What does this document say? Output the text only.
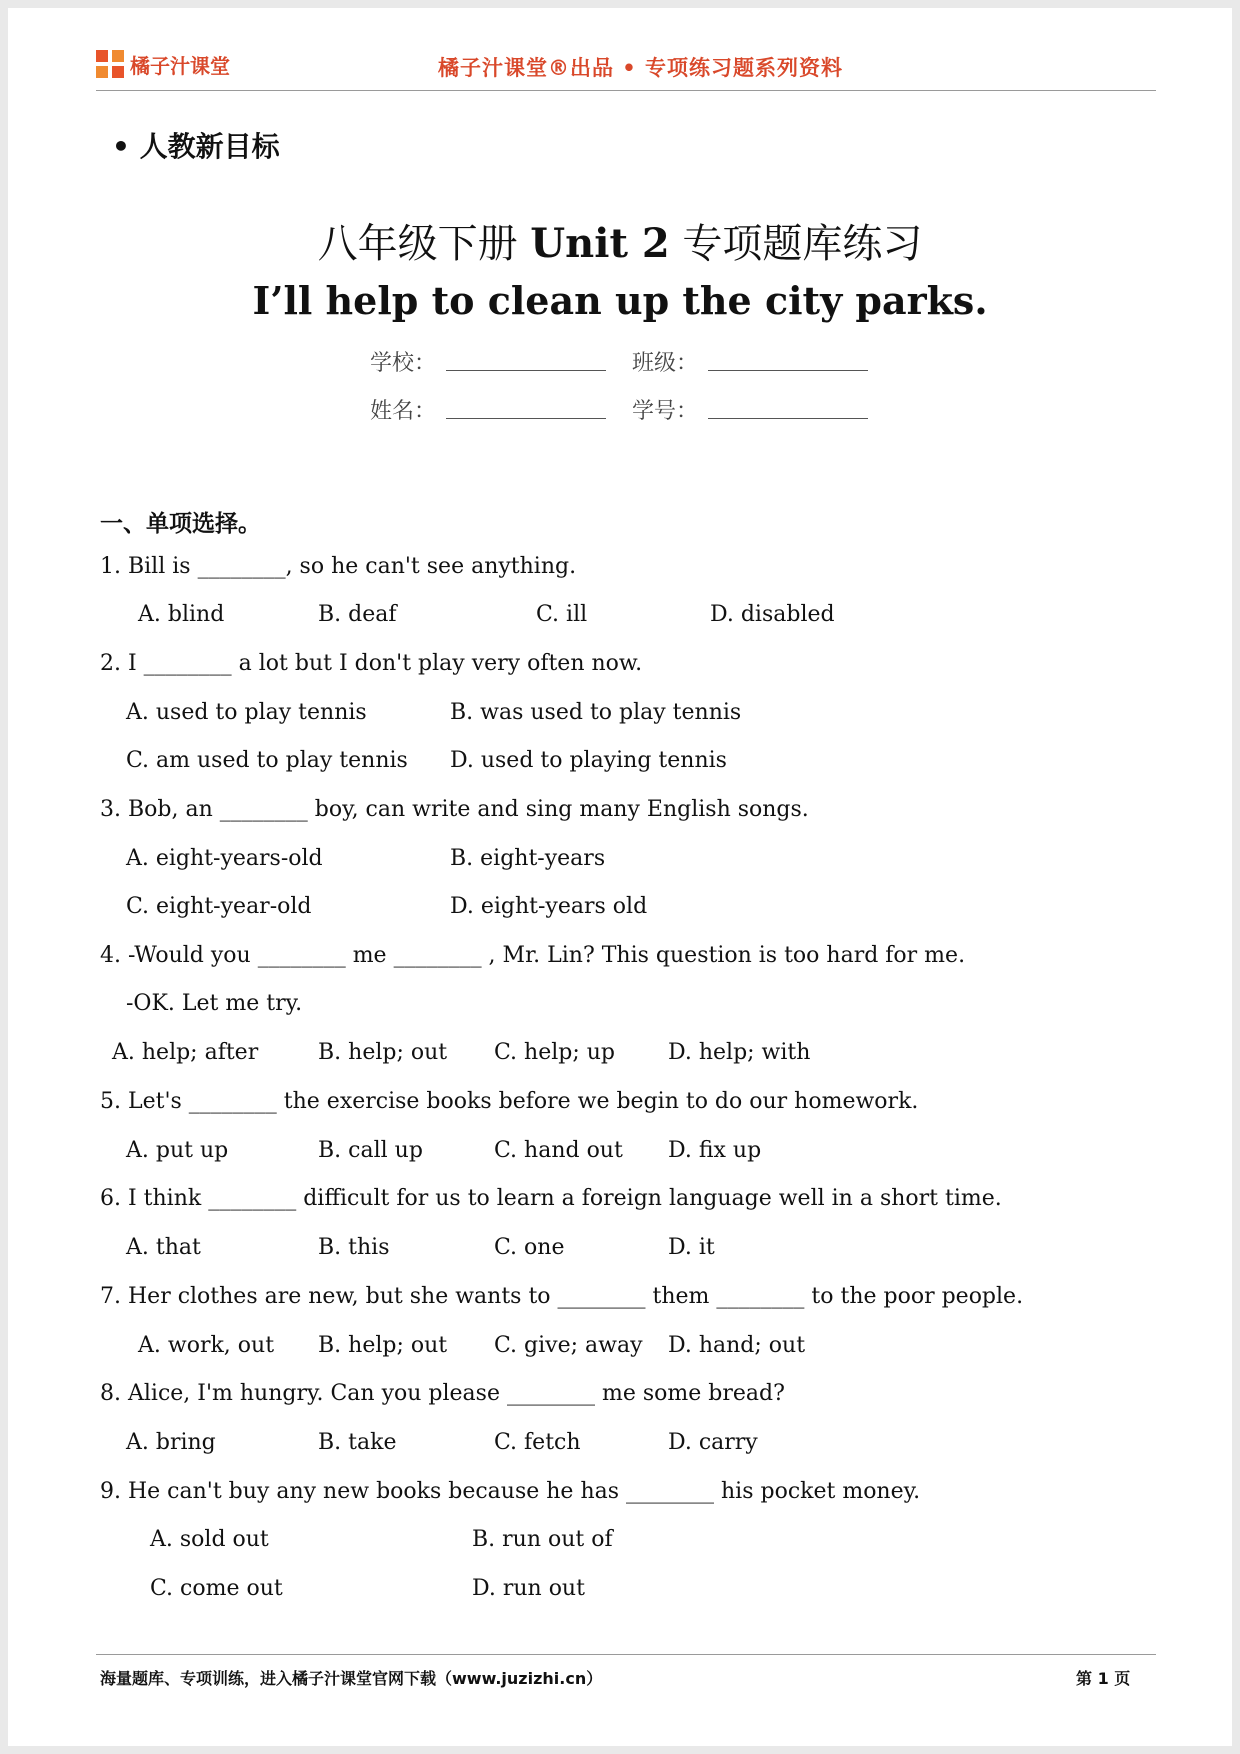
橘子汁课堂	橘子汁课堂®出品 • 专项练习题系列资料
• 人教新目标
八年级下册 Unit 2 专项题库练习
I’ll help to clean up the city parks.
学校：	班级：
姓名：	学号：
一、单项选择。
1. Bill is ________, so he can't see anything.
A. blind	B. deaf	C. ill	D. disabled
2. I ________ a lot but I don't play very often now.
A. used to play tennis	B. was used to play tennis
C. am used to play tennis D. used to playing tennis
3. Bob, an ________ boy, can write and sing many English songs.
A. eight-years-old	B. eight-years
C. eight-year-old	D. eight-years old
4. -Would you ________ me ________ , Mr. Lin? This question is too hard for me.
-OK. Let me try.
A. help; after	B. help; out C. help; up D. help; with
5. Let's ________ the exercise books before we begin to do our homework.
A. put up	B. call up	C. hand out D. fix up
6. I think ________ difficult for us to learn a foreign language well in a short time.
A. that	B. this	C. one	D. it
7. Her clothes are new, but she wants to ________ them ________ to the poor people.
A. work, out B. help; out C. give; away D. hand; out
8. Alice, I'm hungry. Can you please ________ me some bread?
A. bring	B. take	C. fetch	D. carry
9. He can't buy any new books because he has ________ his pocket money.
A. sold out	B. run out of
C. come out	D. run out
海量题库、专项训练，进入橘子汁课堂官网下载（www.juzizhi.cn）	第 1 页
